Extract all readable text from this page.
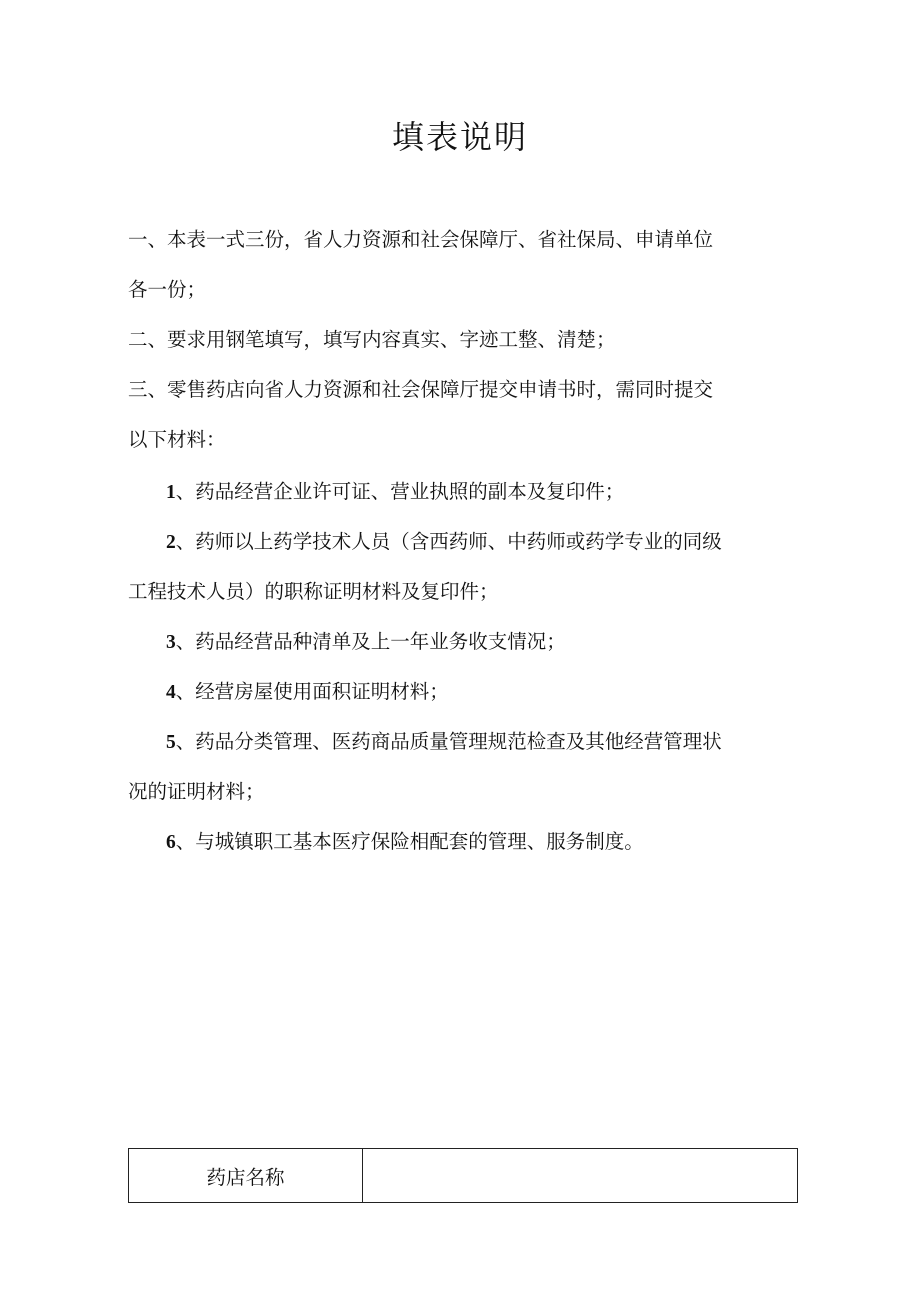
填表说明

一、本表一式三份，省人力资源和社会保障厅、省社保局、申请单位

各一份；

二、要求用钢笔填写，填写内容真实、字迹工整、清楚；

三、零售药店向省人力资源和社会保障厅提交申请书时，需同时提交

以下材料：

1、药品经营企业许可证、营业执照的副本及复印件；

2、药师以上药学技术人员（含西药师、中药师或药学专业的同级

工程技术人员）的职称证明材料及复印件；

3、药品经营品种清单及上一年业务收支情况；

4、经营房屋使用面积证明材料；

5、药品分类管理、医药商品质量管理规范检查及其他经营管理状

况的证明材料；

6、与城镇职工基本医疗保险相配套的管理、服务制度。

药店名称	
